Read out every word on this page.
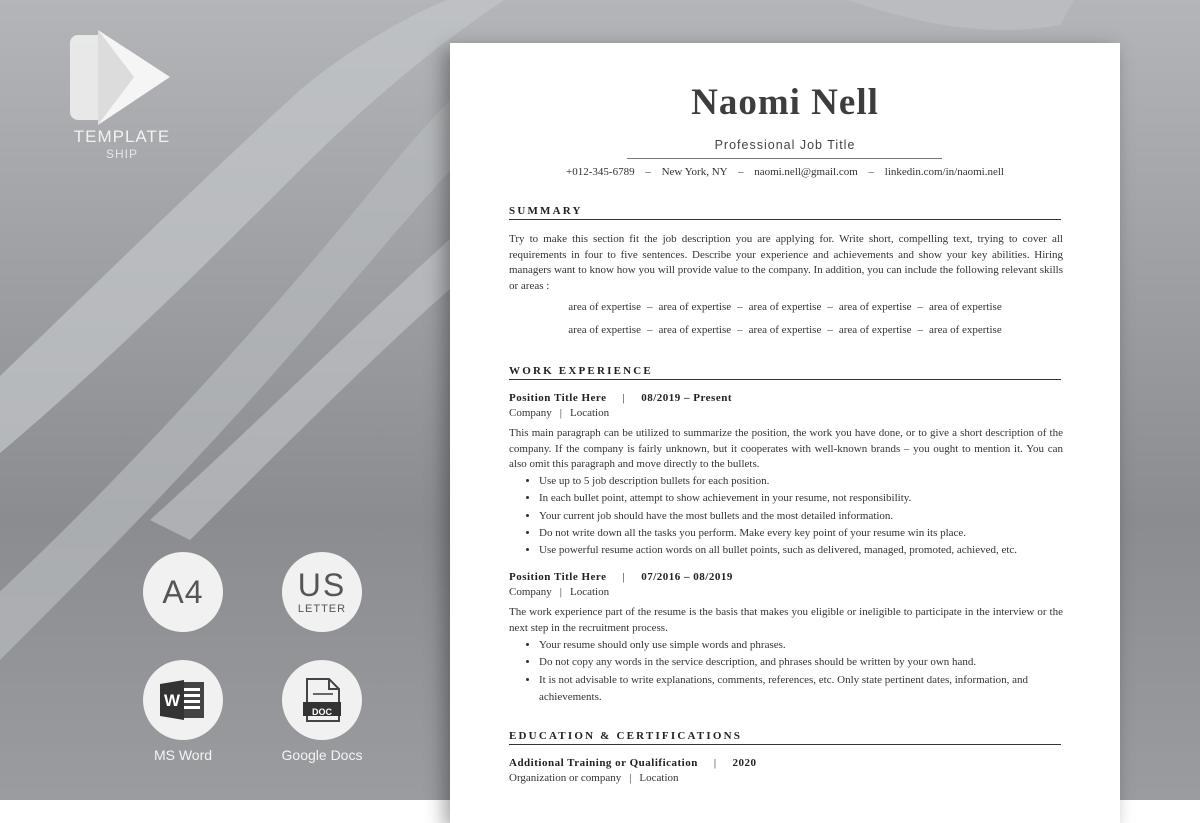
TEMPLATE
SHIP
A4	US
LETTER
W
MS Word
DOC
Google Docs
Naomi Nell
Professional Job Title
+012-345-6789 – New York, NY – naomi.nell@gmail.com – linkedin.com/in/naomi.nell
SUMMARY
Try to make this section fit the job description you are applying for. Write short, compelling text, trying to cover all requirements in four to five sentences. Describe your experience and achievements and show your key abilities. Hiring managers want to know how you will provide value to the company. In addition, you can include the following relevant skills or areas :
area of expertise – area of expertise – area of expertise – area of expertise – area of expertise
area of expertise – area of expertise – area of expertise – area of expertise – area of expertise
WORK EXPERIENCE
Position Title Here | 08/2019 – Present
Company | Location
This main paragraph can be utilized to summarize the position, the work you have done, or to give a short description of the company. If the company is fairly unknown, but it cooperates with well-known brands – you ought to mention it. You can also omit this paragraph and move directly to the bullets.
• Use up to 5 job description bullets for each position.
• In each bullet point, attempt to show achievement in your resume, not responsibility.
• Your current job should have the most bullets and the most detailed information.
• Do not write down all the tasks you perform. Make every key point of your resume win its place.
• Use powerful resume action words on all bullet points, such as delivered, managed, promoted, achieved, etc.
Position Title Here | 07/2016 – 08/2019
Company | Location
The work experience part of the resume is the basis that makes you eligible or ineligible to participate in the interview or the next step in the recruitment process.
• Your resume should only use simple words and phrases.
• Do not copy any words in the service description, and phrases should be written by your own hand.
• It is not advisable to write explanations, comments, references, etc. Only state pertinent dates, information, and achievements.
EDUCATION & CERTIFICATIONS
Additional Training or Qualification | 2020
Organization or company | Location
